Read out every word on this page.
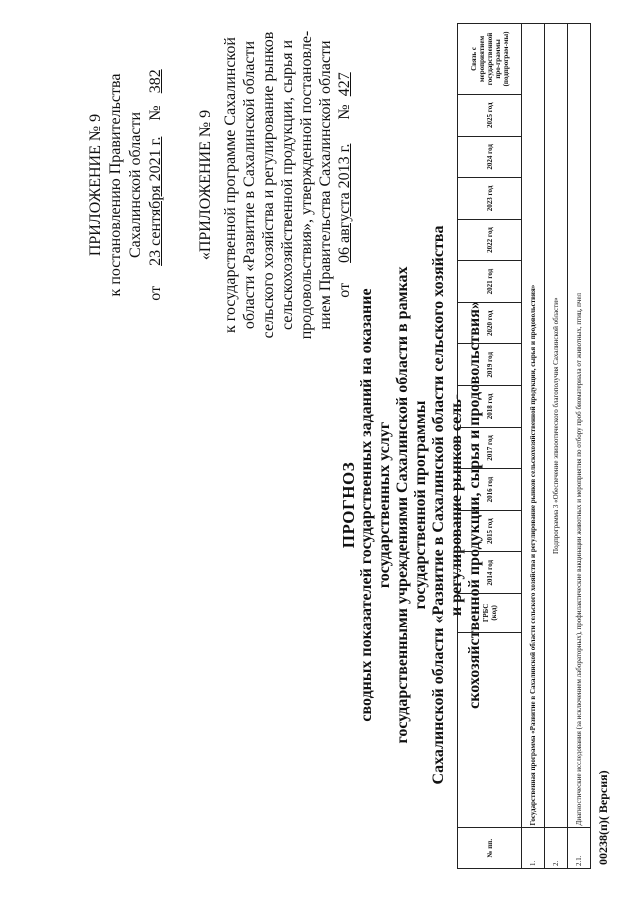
ПРИЛОЖЕНИЕ № 9 к постановлению Правительства Сахалинской области
от     23 сентября 2021 г.    №   382
«ПРИЛОЖЕНИЕ № 9 к государственной программе Сахалинской области «Развитие в Сахалинской области сельского хозяйства и регулирование рынков сельскохозяйственной продукции, сырья и продовольствия», утвержденной постановле- нием Правительства Сахалинской области от     06 августа 2013 г.      №  427
ПРОГНОЗ сводных показателей государственных заданий на оказание государственных услуг государственными учреждениями Сахалинской области в рамках государственной программы Сахалинской области «Развитие в Сахалинской области сельского хозяйства и регулирование рынков сель- скохозяйственной продукции, сырья и продовольствия»
№ пп.		ГРБС (код)	2014 год	2015 год	2016 год	2017 год	2018 год	2019 год	2020 год	2021 год	2022 год	2023 год	2024 год	2025 год	Связь с мероприятием государственной про-граммы (подпрограм-мы)
1.	Государственная программа «Развитие в Сахалинской области сельского хозяйства и регулирование рынков сельскохозяйственной продукции, сырья и продовольствия»														
2.	Подпрограмма 3 «Обеспечение эпизоотического благополучия Сахалинской области»														
2.1.	Диагностические исследования (за исключением лабораторных), профилактические вакцинации животных и мероприятия по отбору проб биоматериала от животных, птиц, пчел														00238(п)( Версия)
